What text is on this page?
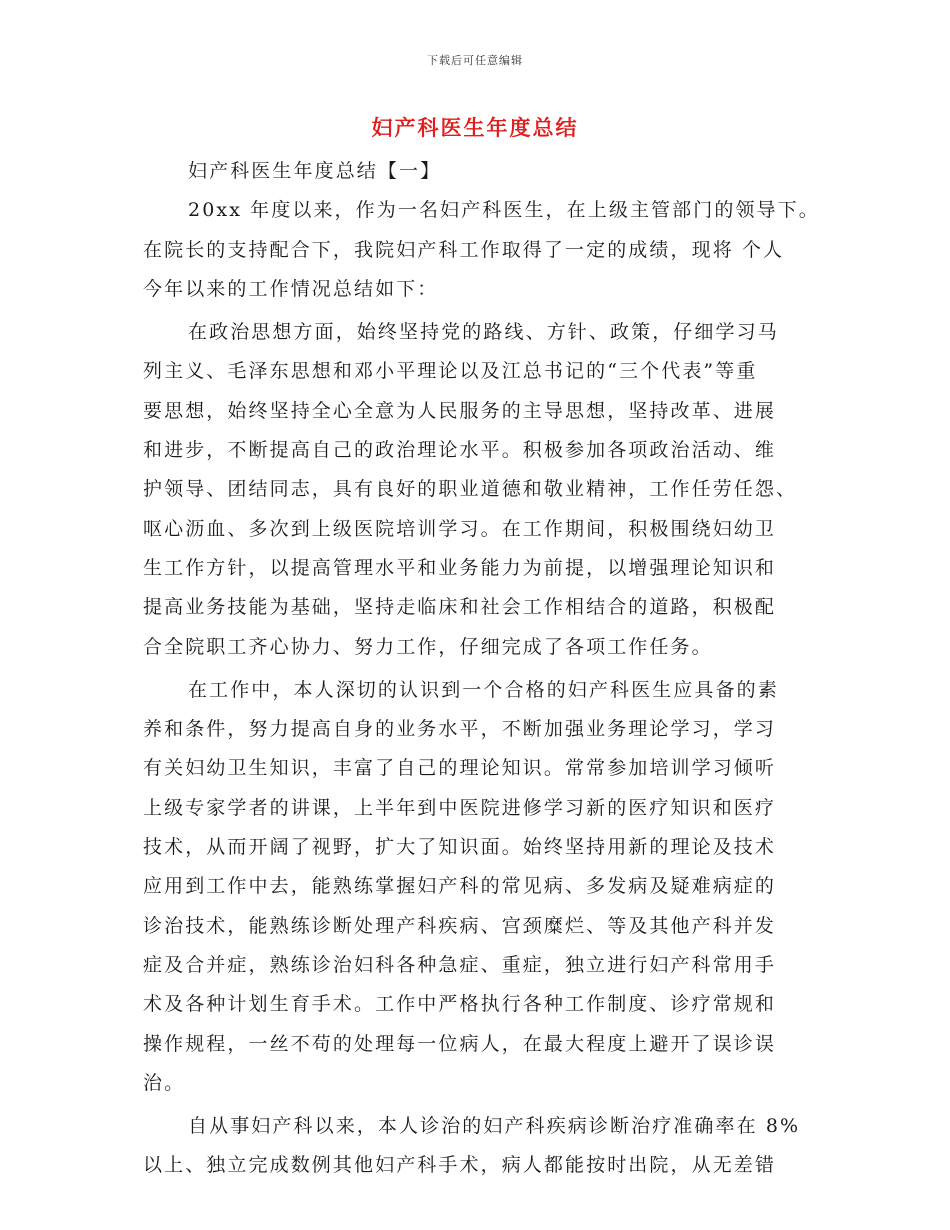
下载后可任意编辑
妇产科医生年度总结
妇产科医生年度总结【一】
20xx 年度以来，作为一名妇产科医生，在上级主管部门的领导下。
在院长的支持配合下，我院妇产科工作取得了一定的成绩，现将 个人
今年以来的工作情况总结如下：
在政治思想方面，始终坚持党的路线、方针、政策，仔细学习马
列主义、毛泽东思想和邓小平理论以及江总书记的“三个代表”等重
要思想，始终坚持全心全意为人民服务的主导思想，坚持改革、进展
和进步，不断提高自己的政治理论水平。积极参加各项政治活动、维
护领导、团结同志，具有良好的职业道德和敬业精神，工作任劳任怨、
呕心沥血、多次到上级医院培训学习。在工作期间，积极围绕妇幼卫
生工作方针，以提高管理水平和业务能力为前提，以增强理论知识和
提高业务技能为基础，坚持走临床和社会工作相结合的道路，积极配
合全院职工齐心协力、努力工作，仔细完成了各项工作任务。
在工作中，本人深切的认识到一个合格的妇产科医生应具备的素
养和条件，努力提高自身的业务水平，不断加强业务理论学习，学习
有关妇幼卫生知识，丰富了自己的理论知识。常常参加培训学习倾听
上级专家学者的讲课，上半年到中医院进修学习新的医疗知识和医疗
技术，从而开阔了视野，扩大了知识面。始终坚持用新的理论及技术
应用到工作中去，能熟练掌握妇产科的常见病、多发病及疑难病症的
诊治技术，能熟练诊断处理产科疾病、宫颈糜烂、等及其他产科并发
症及合并症，熟练诊治妇科各种急症、重症，独立进行妇产科常用手
术及各种计划生育手术。工作中严格执行各种工作制度、诊疗常规和
操作规程，一丝不苟的处理每一位病人，在最大程度上避开了误诊误
治。
自从事妇产科以来，本人诊治的妇产科疾病诊断治疗准确率在 8%
以上、独立完成数例其他妇产科手术，病人都能按时出院，从无差错
